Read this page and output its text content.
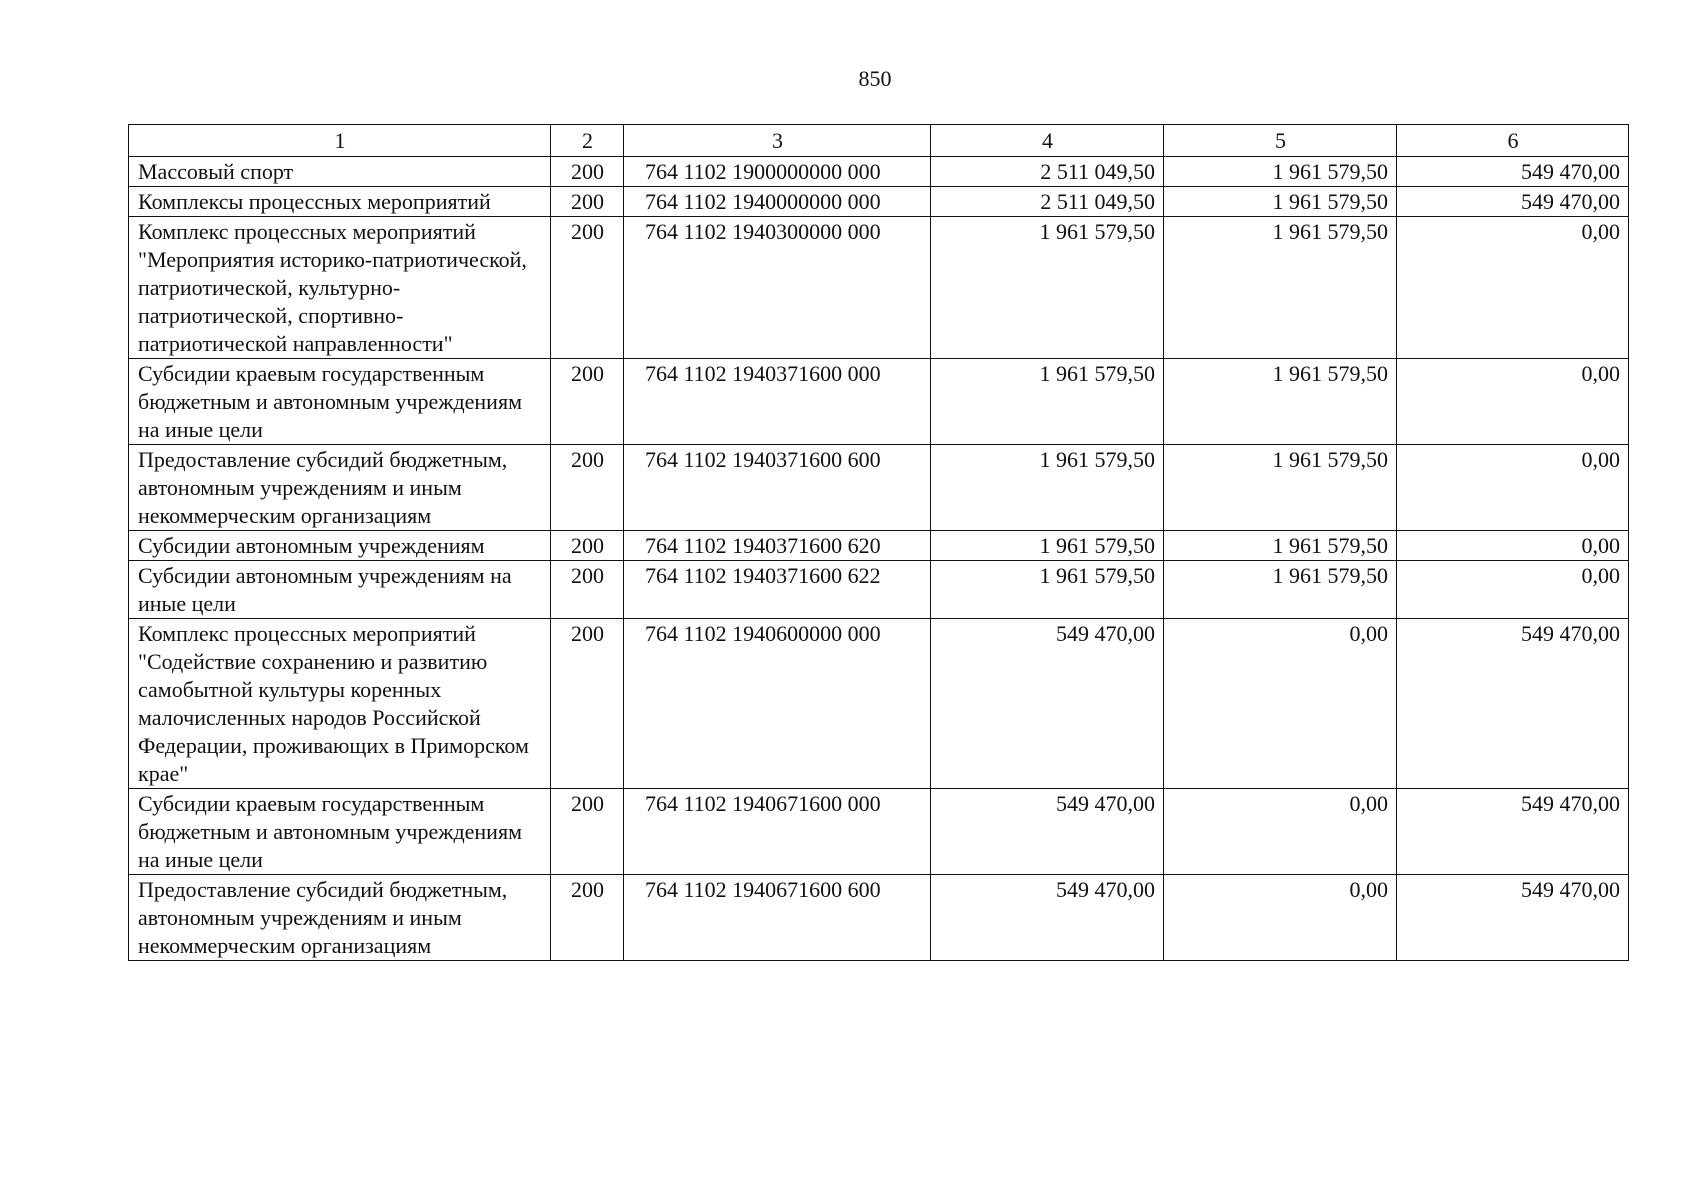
850
1	2	3	4	5	6
Массовый спорт	200	764 1102 1900000000 000	2 511 049,50	1 961 579,50	549 470,00
Комплексы процессных мероприятий	200	764 1102 1940000000 000	2 511 049,50	1 961 579,50	549 470,00
Комплекс процессных мероприятий "Мероприятия историко-патриотической, патриотической, культурно-патриотической, спортивно-патриотической направленности"	200	764 1102 1940300000 000	1 961 579,50	1 961 579,50	0,00
Субсидии краевым государственным бюджетным и автономным учреждениям на иные цели	200	764 1102 1940371600 000	1 961 579,50	1 961 579,50	0,00
Предоставление субсидий бюджетным, автономным учреждениям и иным некоммерческим организациям	200	764 1102 1940371600 600	1 961 579,50	1 961 579,50	0,00
Субсидии автономным учреждениям	200	764 1102 1940371600 620	1 961 579,50	1 961 579,50	0,00
Субсидии автономным учреждениям на иные цели	200	764 1102 1940371600 622	1 961 579,50	1 961 579,50	0,00
Комплекс процессных мероприятий "Содействие сохранению и развитию самобытной культуры коренных малочисленных народов Российской Федерации, проживающих в Приморском крае"	200	764 1102 1940600000 000	549 470,00	0,00	549 470,00
Субсидии краевым государственным бюджетным и автономным учреждениям на иные цели	200	764 1102 1940671600 000	549 470,00	0,00	549 470,00
Предоставление субсидий бюджетным, автономным учреждениям и иным некоммерческим организациям	200	764 1102 1940671600 600	549 470,00	0,00	549 470,00
